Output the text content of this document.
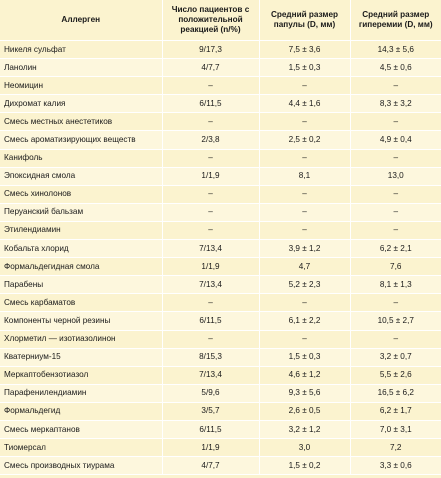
Аллерген	Число пациентов с положительной реакцией (n/%)	Средний размер папулы (D, мм)	Средний размер гиперемии (D, мм)
Никеля сульфат	9/17,3	7,5 ± 3,6	14,3 ± 5,6
Ланолин	4/7,7	1,5 ± 0,3	4,5 ± 0,6
Неомицин	–	–	–
Дихромат калия	6/11,5	4,4 ± 1,6	8,3 ± 3,2
Смесь местных анестетиков	–	–	–
Смесь ароматизирующих веществ	2/3,8	2,5 ± 0,2	4,9 ± 0,4
Канифоль	–	–	–
Эпоксидная смола	1/1,9	8,1	13,0
Смесь хинолонов	–	–	–
Перуанский бальзам	–	–	–
Этилендиамин	–	–	–
Кобальта хлорид	7/13,4	3,9 ± 1,2	6,2 ± 2,1
Формальдегидная смола	1/1,9	4,7	7,6
Парабены	7/13,4	5,2 ± 2,3	8,1 ± 1,3
Смесь карбаматов	–	–	–
Компоненты черной резины	6/11,5	6,1 ± 2,2	10,5 ± 2,7
Хлорметил — изотиазолинон	–	–	–
Кватерниум-15	8/15,3	1,5 ± 0,3	3,2 ± 0,7
Меркаптобензотиазол	7/13,4	4,6 ± 1,2	5,5 ± 2,6
Парафенилендиамин	5/9,6	9,3 ± 5,6	16,5 ± 6,2
Формальдегид	3/5,7	2,6 ± 0,5	6,2 ± 1,7
Смесь меркаптанов	6/11,5	3,2 ± 1,2	7,0 ± 3,1
Тиомерсал	1/1,9	3,0	7,2
Смесь производных тиурама	4/7,7	1,5 ± 0,2	3,3 ± 0,6
